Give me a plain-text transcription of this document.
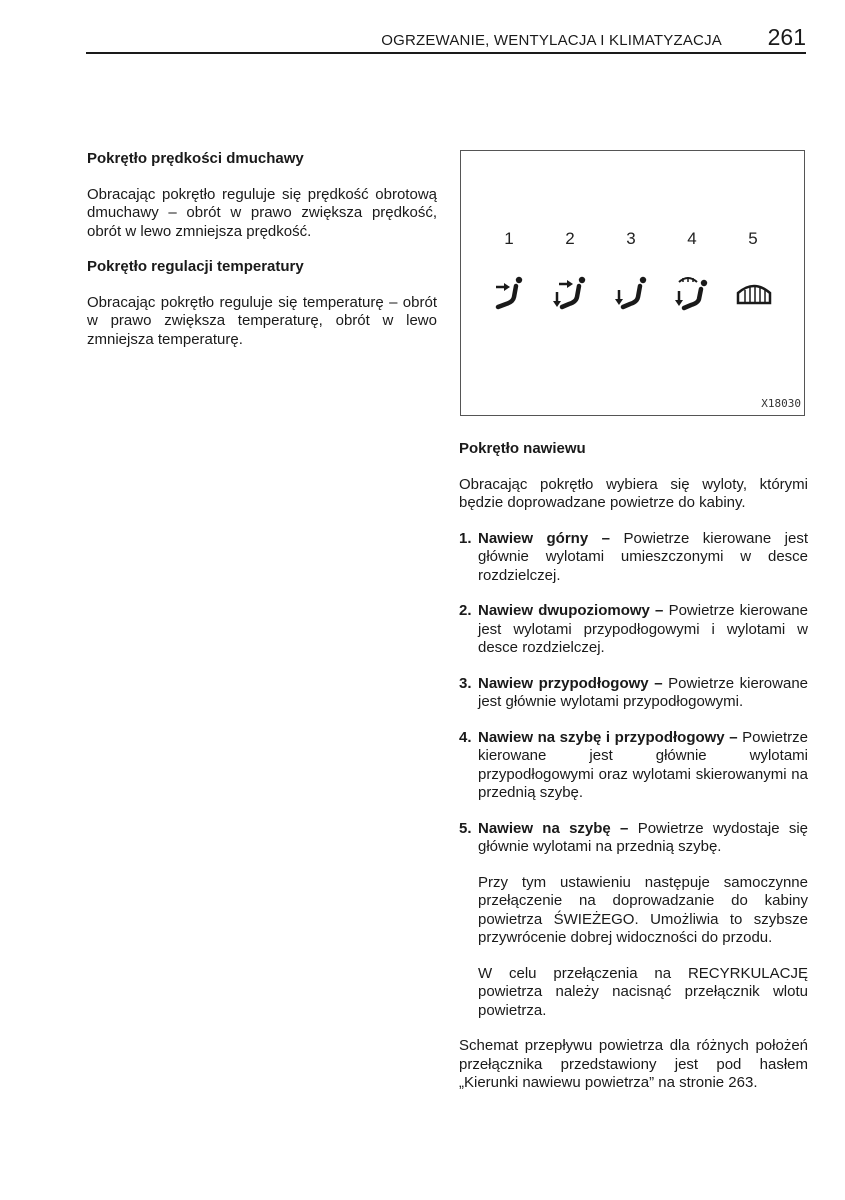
OGRZEWANIE, WENTYLACJA I KLIMATYZACJA 261
Pokrętło prędkości dmuchawy

Obracając pokrętło reguluje się prędkość obrotową dmuchawy – obrót w prawo zwiększa prędkość, obrót w lewo zmniejsza prędkość.

Pokrętło regulacji temperatury

Obracając pokrętło reguluje się temperaturę – obrót w prawo zwiększa temperaturę, obrót w lewo zmniejsza temperaturę.

1	2	3	4	5
X18030
Pokrętło nawiewu

Obracając pokrętło wybiera się wyloty, którymi będzie doprowadzane powietrze do kabiny.

1. Nawiew górny – Powietrze kierowane jest głównie wylotami umieszczonymi w desce rozdzielczej.
2. Nawiew dwupoziomowy – Powietrze kierowane jest wylotami przypodłogowymi i wylotami w desce rozdzielczej.
3. Nawiew przypodłogowy – Powietrze kierowane jest głównie wylotami przypodłogowymi.
4. Nawiew na szybę i przypodłogowy – Powietrze kierowane jest głównie wylotami przypodłogowymi oraz wylotami skierowanymi na przednią szybę.
5. Nawiew na szybę – Powietrze wydostaje się głównie wylotami na przednią szybę.

Przy tym ustawieniu następuje samoczynne przełączenie na doprowadzanie do kabiny powietrza ŚWIEŻEGO. Umożliwia to szybsze przywrócenie dobrej widoczności do przodu.

W celu przełączenia na RECYRKULACJĘ powietrza należy nacisnąć przełącznik wlotu powietrza.

Schemat przepływu powietrza dla różnych położeń przełącznika przedstawiony jest pod hasłem „Kierunki nawiewu powietrza” na stronie 263.
